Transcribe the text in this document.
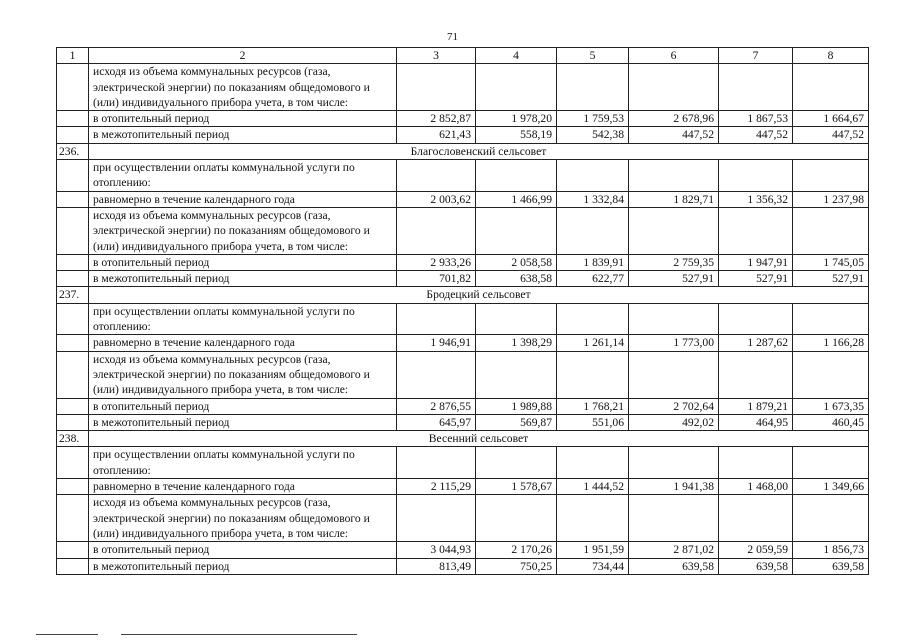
71
1	2	3	4	5	6	7	8
	исходя из объема коммунальных ресурсов (газа, электрической энергии) по показаниям общедомового и (или) индивидуального прибора учета, в том числе:						
	в отопительный период	2 852,87	1 978,20	1 759,53	2 678,96	1 867,53	1 664,67
	в межотопительный период	621,43	558,19	542,38	447,52	447,52	447,52
236.	Благословенский сельсовет						
	при осуществлении оплаты коммунальной услуги по отоплению:						
	равномерно в течение календарного года	2 003,62	1 466,99	1 332,84	1 829,71	1 356,32	1 237,98
	исходя из объема коммунальных ресурсов (газа, электрической энергии) по показаниям общедомового и (или) индивидуального прибора учета, в том числе:						
	в отопительный период	2 933,26	2 058,58	1 839,91	2 759,35	1 947,91	1 745,05
	в межотопительный период	701,82	638,58	622,77	527,91	527,91	527,91
237.	Бродецкий сельсовет						
	при осуществлении оплаты коммунальной услуги по отоплению:						
	равномерно в течение календарного года	1 946,91	1 398,29	1 261,14	1 773,00	1 287,62	1 166,28
	исходя из объема коммунальных ресурсов (газа, электрической энергии) по показаниям общедомового и (или) индивидуального прибора учета, в том числе:						
	в отопительный период	2 876,55	1 989,88	1 768,21	2 702,64	1 879,21	1 673,35
	в межотопительный период	645,97	569,87	551,06	492,02	464,95	460,45
238.	Весенний сельсовет						
	при осуществлении оплаты коммунальной услуги по отоплению:						
	равномерно в течение календарного года	2 115,29	1 578,67	1 444,52	1 941,38	1 468,00	1 349,66
	исходя из объема коммунальных ресурсов (газа, электрической энергии) по показаниям общедомового и (или) индивидуального прибора учета, в том числе:						
	в отопительный период	3 044,93	2 170,26	1 951,59	2 871,02	2 059,59	1 856,73
	в межотопительный период	813,49	750,25	734,44	639,58	639,58	639,58
